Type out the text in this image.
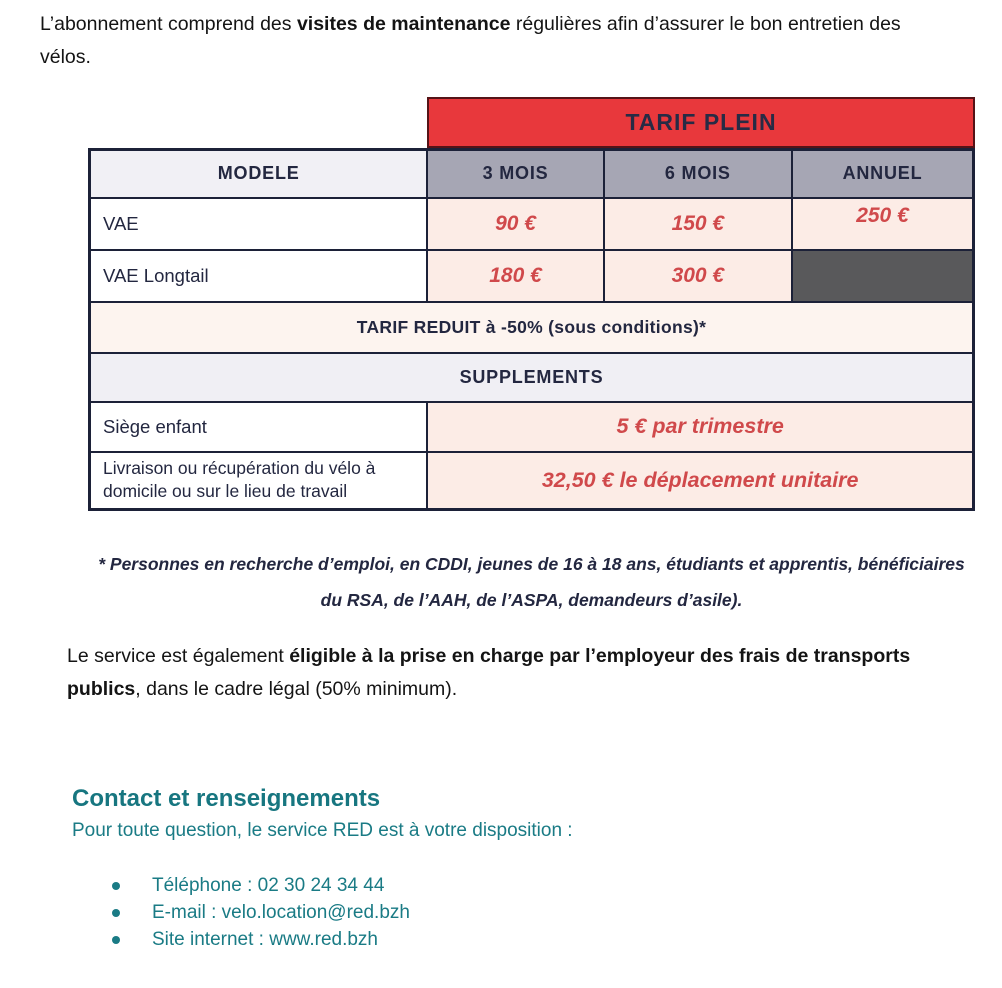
L’abonnement comprend des visites de maintenance régulières afin d’assurer le bon entretien des vélos.

TARIF PLEIN
MODELE	3 MOIS	6 MOIS	ANNUEL
VAE	90 €	150 €	250 €
VAE Longtail	180 €	300 €	
TARIF REDUIT à -50% (sous conditions)*			
SUPPLEMENTS			
Siège enfant	5 € par trimestre		
Livraison ou récupération du vélo à domicile ou sur le lieu de travail	32,50 € le déplacement unitaire		

* Personnes en recherche d’emploi, en CDDI, jeunes de 16 à 18 ans, étudiants et apprentis, bénéficiaires du RSA, de l’AAH, de l’ASPA, demandeurs d’asile).

Le service est également éligible à la prise en charge par l’employeur des frais de transports publics, dans le cadre légal (50% minimum).

Contact et renseignements

Pour toute question, le service RED est à votre disposition :

Téléphone : 02 30 24 34 44
E-mail : velo.location@red.bzh
Site internet : www.red.bzh
